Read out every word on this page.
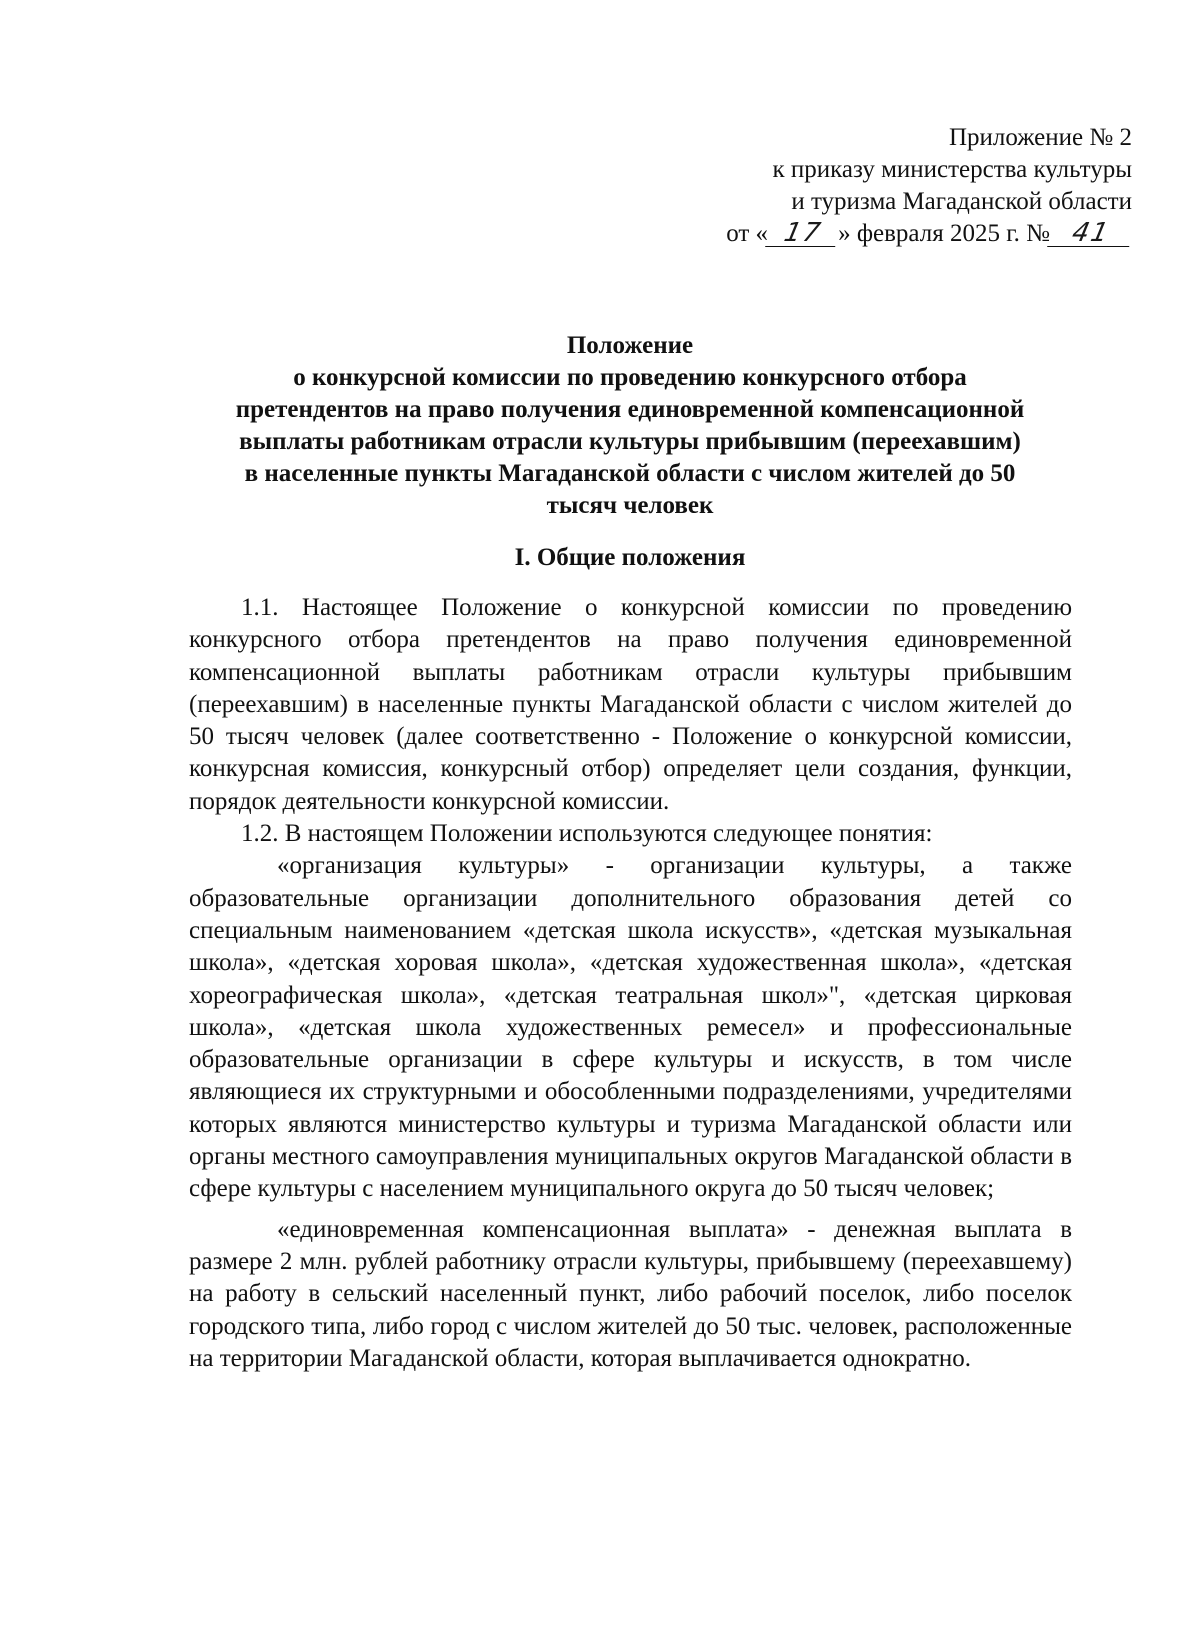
Приложение № 2
к приказу министерства культуры
и туризма Магаданской области
от « 17 » февраля 2025 г. № 41
Положение
о конкурсной комиссии по проведению конкурсного отбора
претендентов на право получения единовременной компенсационной
выплаты работникам отрасли культуры прибывшим (переехавшим)
в населенные пункты Магаданской области с числом жителей до 50
тысяч человек
I. Общие положения

1.1. Настоящее Положение о конкурсной комиссии по проведению конкурсного отбора претендентов на право получения единовременной компенсационной выплаты работникам отрасли культуры прибывшим (переехавшим) в населенные пункты Магаданской области с числом жителей до 50 тысяч человек (далее соответственно - Положение о конкурсной комиссии, конкурсная комиссия, конкурсный отбор) определяет цели создания, функции, порядок деятельности конкурсной комиссии.

1.2. В настоящем Положении используются следующее понятия:

«организация культуры» - организации культуры, а также образовательные организации дополнительного образования детей со специальным наименованием «детская школа искусств», «детская музыкальная школа», «детская хоровая школа», «детская художественная школа», «детская хореографическая школа», «детская театральная школ»", «детская цирковая школа», «детская школа художественных ремесел» и профессиональные образовательные организации в сфере культуры и искусств, в том числе являющиеся их структурными и обособленными подразделениями, учредителями которых являются министерство культуры и туризма Магаданской области или органы местного самоуправления муниципальных округов Магаданской области в сфере культуры с населением муниципального округа до 50 тысяч человек;

«единовременная компенсационная выплата» - денежная выплата в размере 2 млн. рублей работнику отрасли культуры, прибывшему (переехавшему) на работу в сельский населенный пункт, либо рабочий поселок, либо поселок городского типа, либо город с числом жителей до 50 тыс. человек, расположенные на территории Магаданской области, которая выплачивается однократно.
